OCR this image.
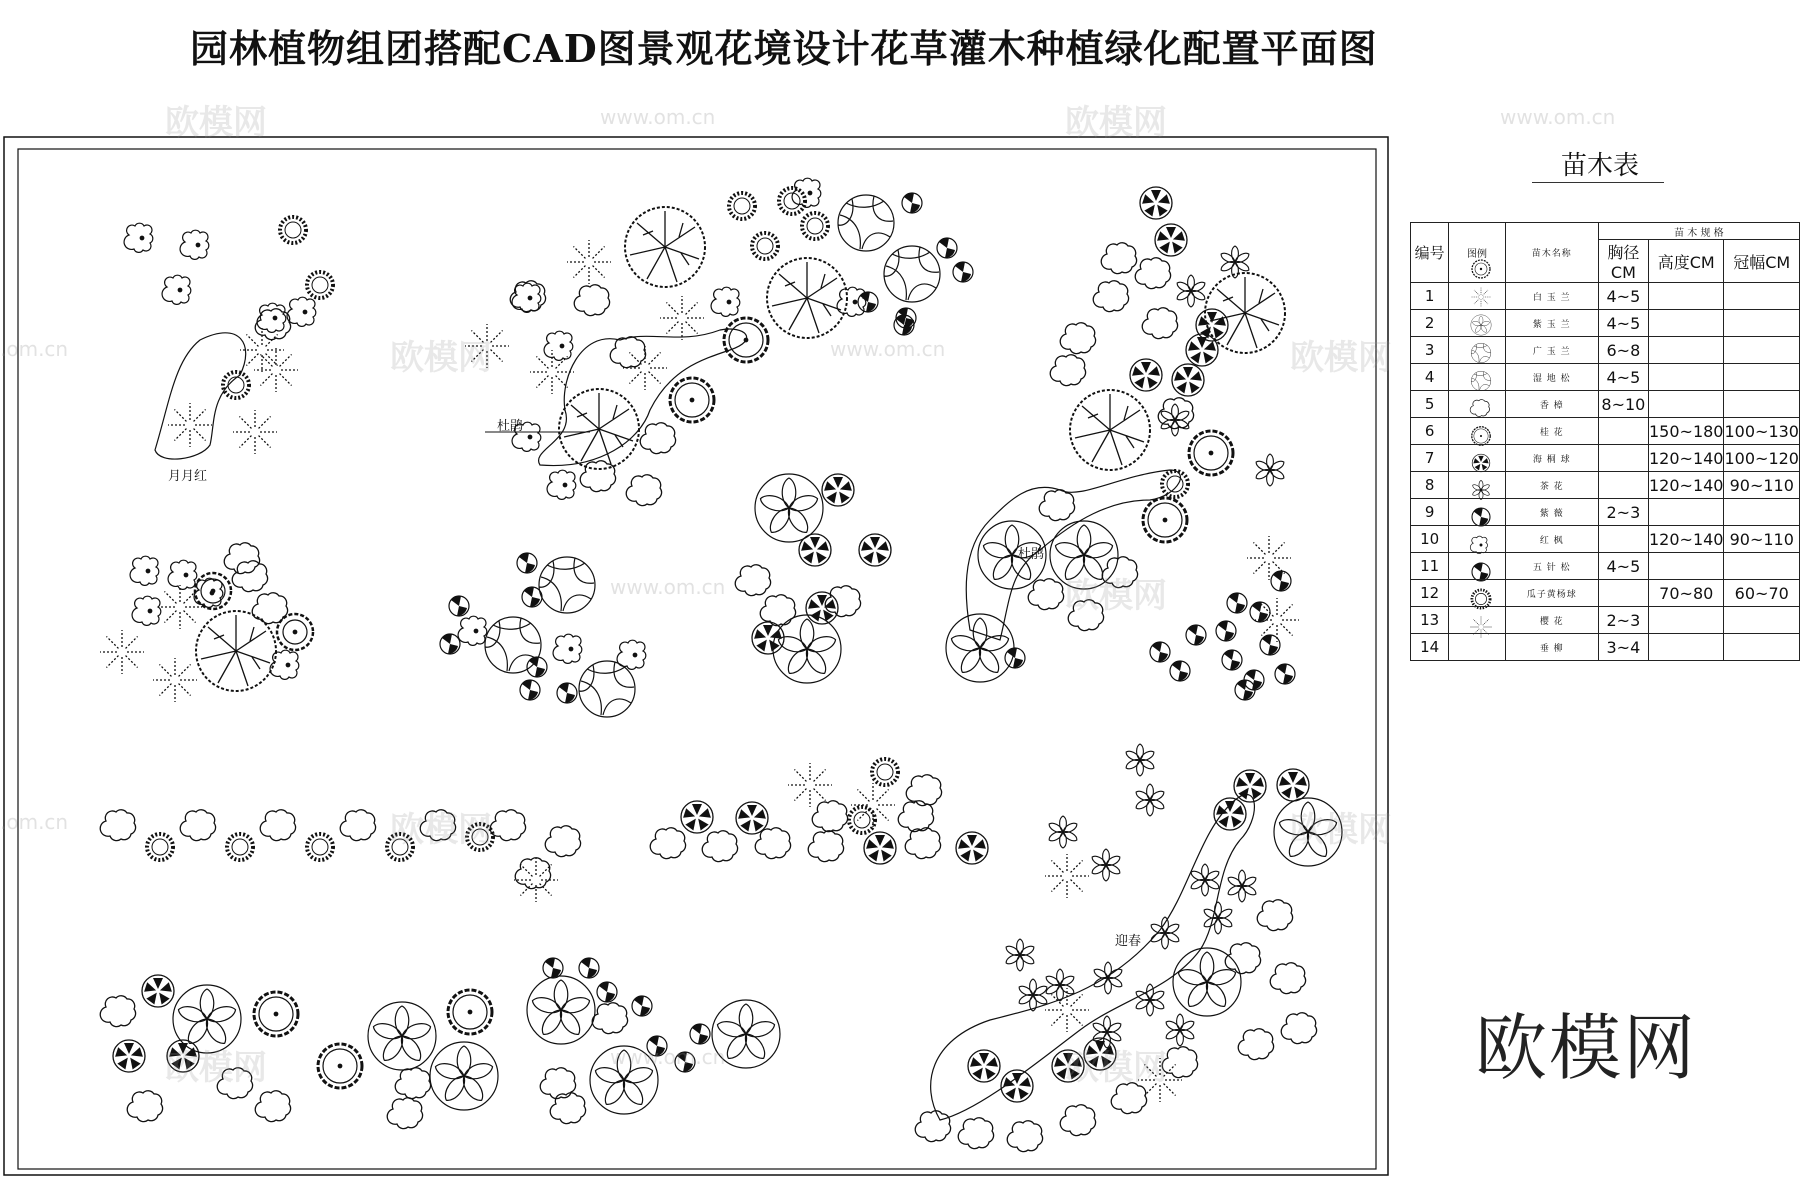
园林植物组团搭配CAD图景观花境设计花草灌木种植绿化配置平面图
月月红
杜鹃
杜鹃
迎春
欧模网	www.om.cn	欧模网	www.om.cn
.om.cn	欧模网	www.om.cn	欧模网
www.om.cn	欧模网
.om.cn	欧模网	欧模网
www.om.cn
欧模网	欧模网
苗木表
编号	图例	苗木名称	苗 木 规 格		
			胸径CM	高度CM	冠幅CM
1		白 玉 兰	4~5		
2		紫 玉 兰	4~5		
3		广 玉 兰	6~8		
4		湿 地 松	4~5		
5		香 樟	8~10		
6		桂 花		150~180	100~130
7		海 桐 球		120~140	100~120
8		茶 花		120~140	90~110
9		紫 薇	2~3		
10		红 枫		120~140	90~110
11		五 针 松	4~5		
12		瓜子黄杨球		70~80	60~70
13		樱 花	2~3		
14		垂 柳	3~4		
欧模网
